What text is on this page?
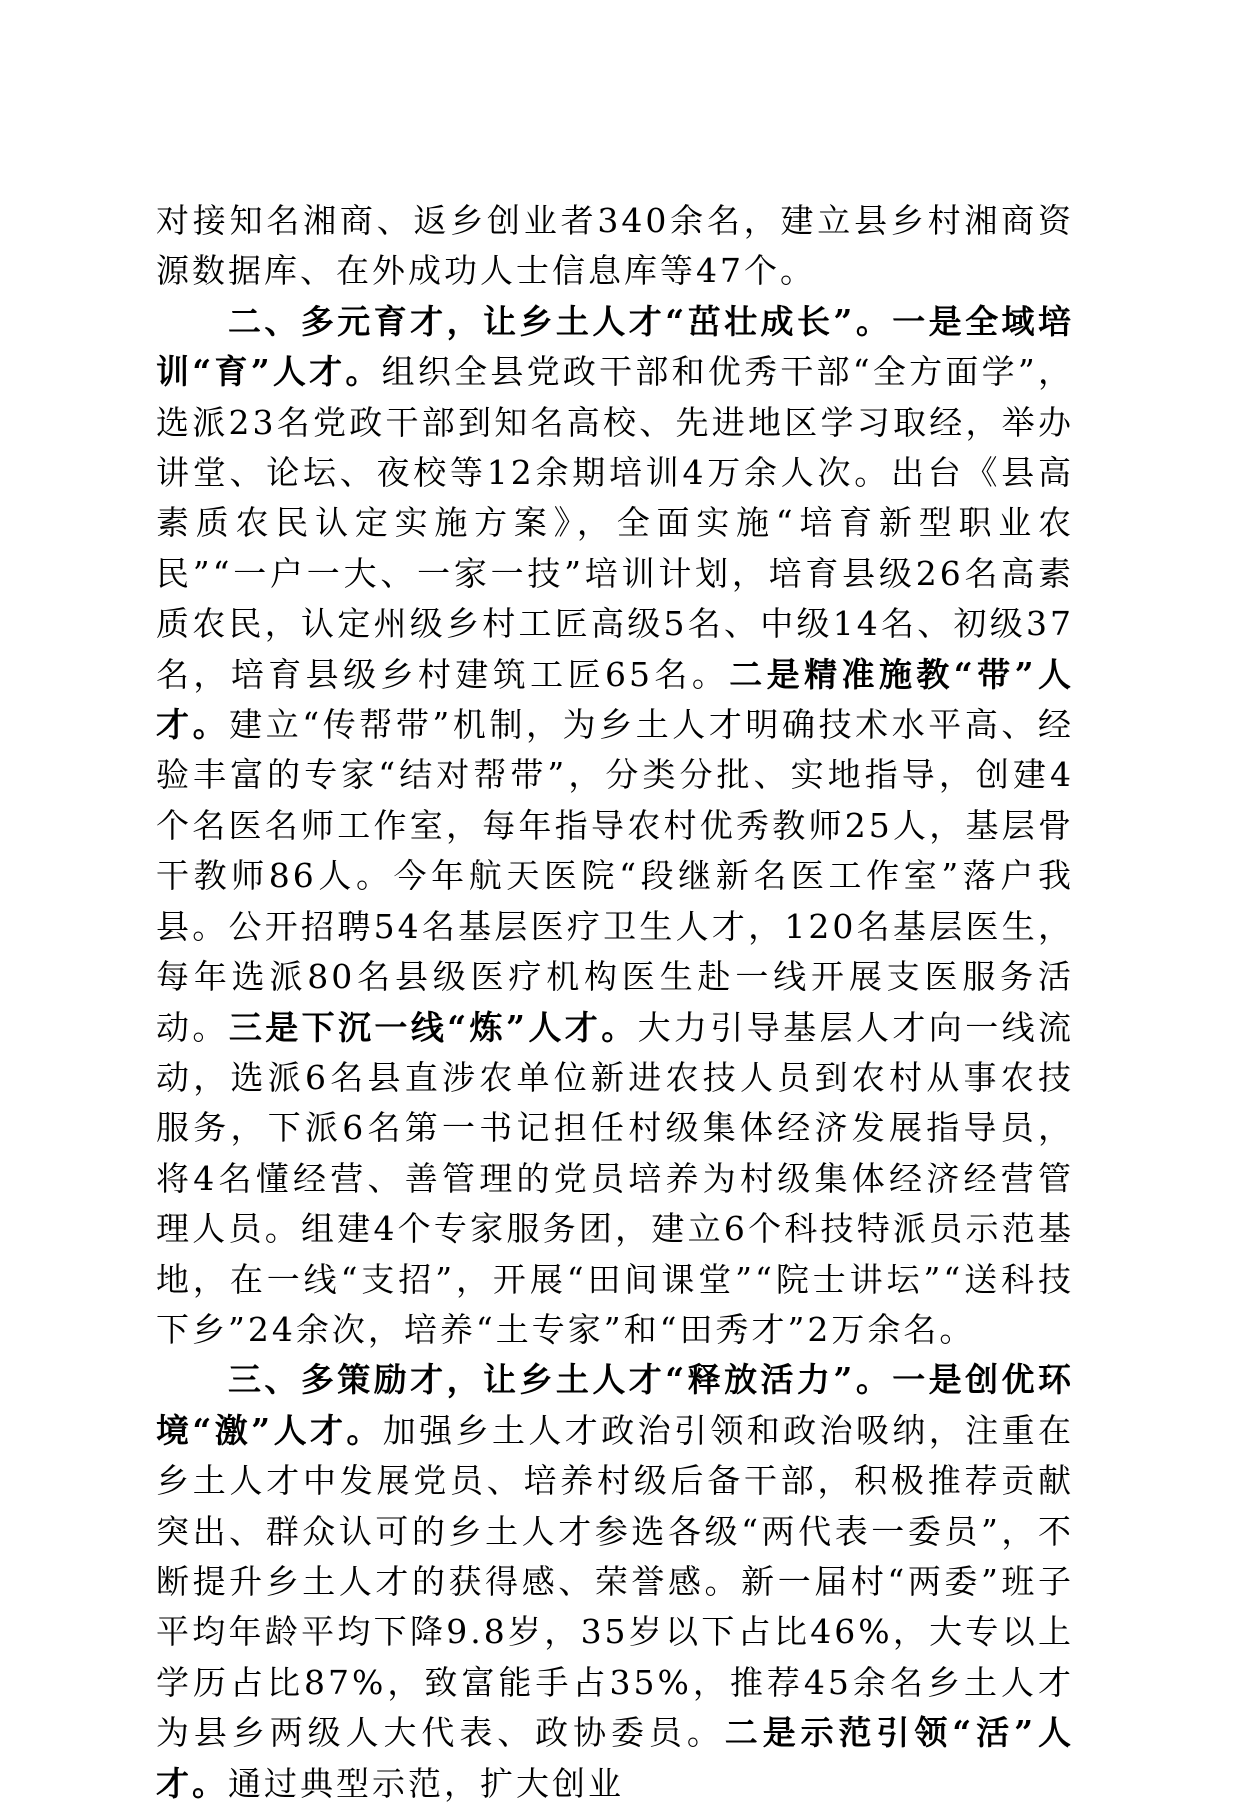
对接知名湘商、返乡创业者340余名，建立县乡村湘商资源数据库、在外成功人士信息库等47个。

二、多元育才，让乡土人才“茁壮成长”。一是全域培训“育”人才。组织全县党政干部和优秀干部“全方面学”，选派23名党政干部到知名高校、先进地区学习取经，举办讲堂、论坛、夜校等12余期培训4万余人次。出台《县高素质农民认定实施方案》，全面实施“培育新型职业农民”“一户一大、一家一技”培训计划，培育县级26名高素质农民，认定州级乡村工匠高级5名、中级14名、初级37名，培育县级乡村建筑工匠65名。二是精准施教“带”人才。建立“传帮带”机制，为乡土人才明确技术水平高、经验丰富的专家“结对帮带”，分类分批、实地指导，创建4个名医名师工作室，每年指导农村优秀教师25人，基层骨干教师86人。今年航天医院“段继新名医工作室”落户我县。公开招聘54名基层医疗卫生人才，120名基层医生，每年选派80名县级医疗机构医生赴一线开展支医服务活动。三是下沉一线“炼”人才。大力引导基层人才向一线流动，选派6名县直涉农单位新进农技人员到农村从事农技服务，下派6名第一书记担任村级集体经济发展指导员，将4名懂经营、善管理的党员培养为村级集体经济经营管理人员。组建4个专家服务团，建立6个科技特派员示范基地，在一线“支招”，开展“田间课堂”“院士讲坛”“送科技下乡”24余次，培养“土专家”和“田秀才”2万余名。

三、多策励才，让乡土人才“释放活力”。一是创优环境“激”人才。加强乡土人才政治引领和政治吸纳，注重在乡土人才中发展党员、培养村级后备干部，积极推荐贡献突出、群众认可的乡土人才参选各级“两代表一委员”，不断提升乡土人才的获得感、荣誉感。新一届村“两委”班子平均年龄平均下降9.8岁，35岁以下占比46%，大专以上学历占比87%，致富能手占35%，推荐45余名乡土人才为县乡两级人大代表、政协委员。二是示范引领“活”人才。通过典型示范，扩大创业
